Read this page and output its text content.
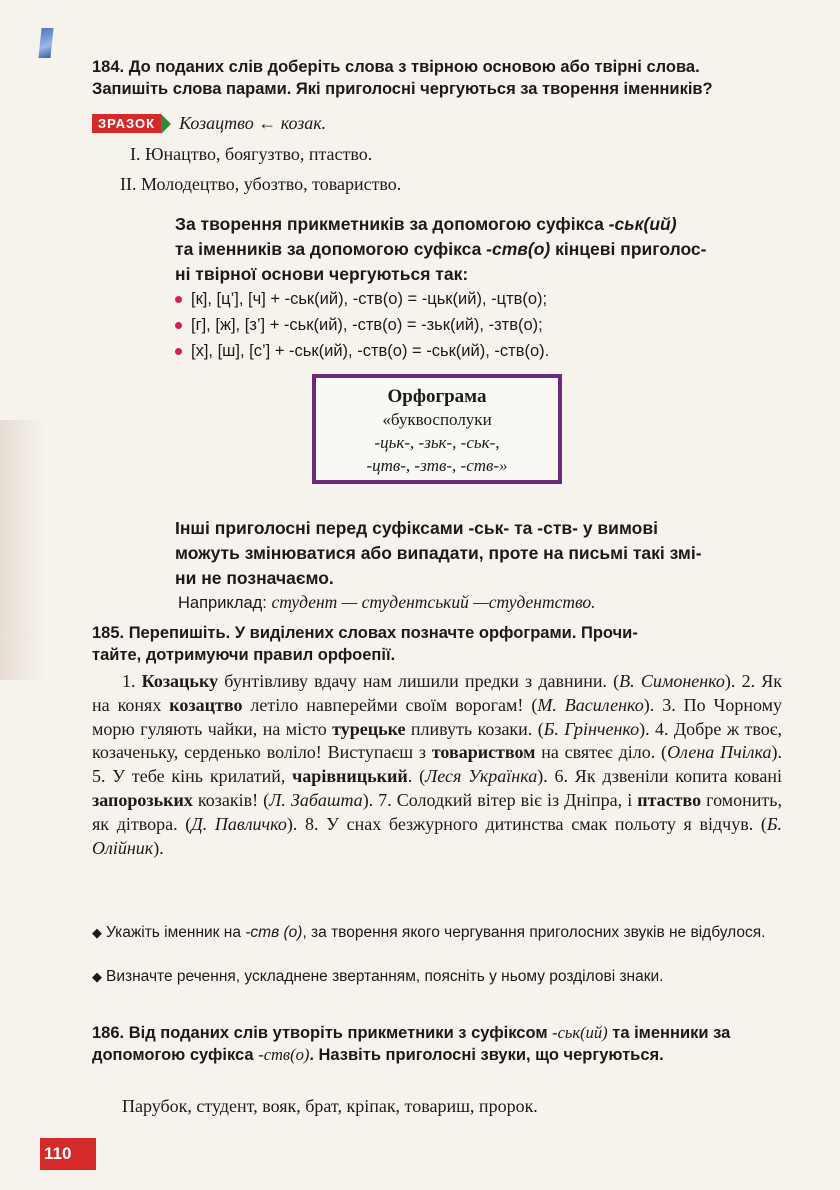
184. До поданих слів доберіть слова з твірною основою або твірні слова.
Запишіть слова парами. Які приголосні чергуються за творення іменників?
ЗРАЗОК	Козацтво ← козак.
I. Юнацтво, боягузтво, птаство.
II. Молодецтво, убозтво, товариство.
За творення прикметників за допомогою суфікса -ськ(ий)
та іменників за допомогою суфікса -ств(о) кінцеві приголос-
ні твірної основи чергуються так:
[к], [ц’], [ч] + -ськ(ий), -ств(о) = -цьк(ий), -цтв(о);
[г], [ж], [з’] + -ськ(ий), -ств(о) = -зьк(ий), -зтв(о);
[х], [ш], [с’] + -ськ(ий), -ств(о) = -ськ(ий), -ств(о).
Орфограма
«буквосполуки
-цьк-, -зьк-, -ськ-,
-цтв-, -зтв-, -ств-»
Інші приголосні перед суфіксами -ськ- та -ств- у вимові
можуть змінюватися або випадати, проте на письмі такі змі-
ни не позначаємо.
Наприклад: студент — студентський —студентство.
185. Перепишіть. У виділених словах позначте орфограми. Прочи-
тайте, дотримуючи правил орфоепії.
1. Козацьку бунтівливу вдачу нам лишили предки з давнини. (В. Симоненко). 2. Як на конях козацтво летіло навперейми своїм ворогам! (М. Василенко). 3. По Чорному морю гуляють чайки, на місто турецьке пливуть козаки. (Б. Грінченко). 4. Добре ж твоє, козаченьку, серденько воліло! Виступаєш з товариством на святеє діло. (Олена Пчілка). 5. У тебе кінь крилатий, чарівницький. (Леся Українка). 6. Як дзвеніли копита ковані запорозьких козаків! (Л. Забашта). 7. Солодкий вітер віє із Дніпра, і птаство гомонить, як дітвора. (Д. Павличко). 8. У снах безжурного дитинства смак польоту я відчув. (Б. Олійник).
◆ Укажіть іменник на -ств (о), за творення якого чергування приголосних звуків не відбулося.
◆ Визначте речення, ускладнене звертанням, поясніть у ньому розділові знаки.
186. Від поданих слів утворіть прикметники з суфіксом -ськ(ий) та іменники за допомогою суфікса -ств(о). Назвіть приголосні звуки, що чергуються.
Парубок, студент, вояк, брат, кріпак, товариш, пророк.
110
